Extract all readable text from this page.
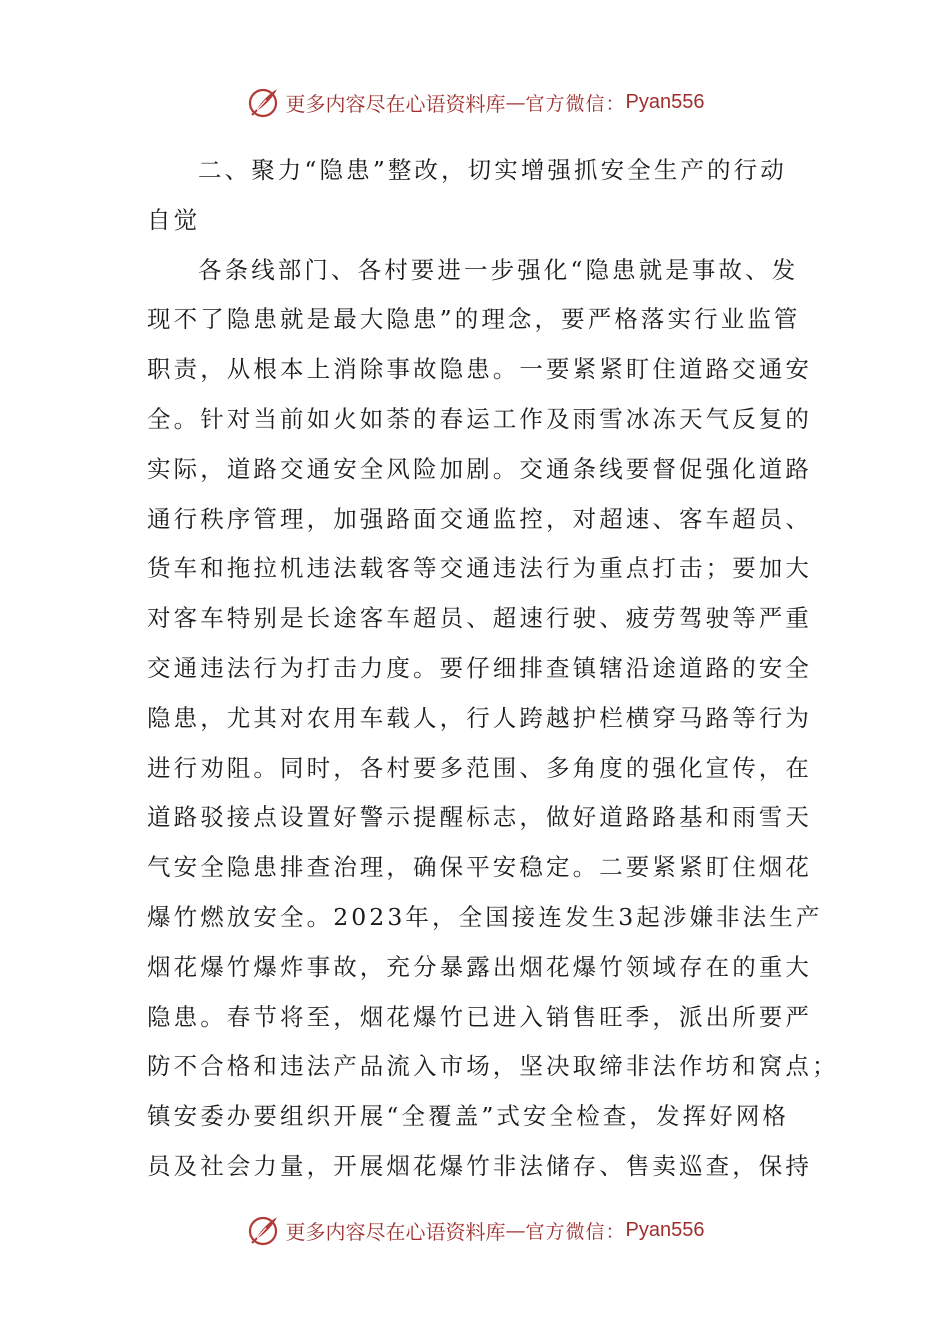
更多内容尽在心语资料库 — 官方微信： Pyan556

二、聚力“隐患”整改，切实增强抓安全生产的行动
自觉

各条线部门、各村要进一步强化“隐患就是事故、发
现不了隐患就是最大隐患”的理念，要严格落实行业监管
职责，从根本上消除事故隐患。一要紧紧盯住道路交通安
全。针对当前如火如荼的春运工作及雨雪冰冻天气反复的
实际，道路交通安全风险加剧。交通条线要督促强化道路
通行秩序管理，加强路面交通监控，对超速、客车超员、
货车和拖拉机违法载客等交通违法行为重点打击；要加大
对客车特别是长途客车超员、超速行驶、疲劳驾驶等严重
交通违法行为打击力度。要仔细排查镇辖沿途道路的安全
隐患，尤其对农用车载人，行人跨越护栏横穿马路等行为
进行劝阻。同时，各村要多范围、多角度的强化宣传，在
道路驳接点设置好警示提醒标志，做好道路路基和雨雪天
气安全隐患排查治理，确保平安稳定。二要紧紧盯住烟花
爆竹燃放安全。2023年，全国接连发生3起涉嫌非法生产
烟花爆竹爆炸事故，充分暴露出烟花爆竹领域存在的重大
隐患。春节将至，烟花爆竹已进入销售旺季，派出所要严
防不合格和违法产品流入市场，坚决取缔非法作坊和窝点；
镇安委办要组织开展“全覆盖”式安全检查，发挥好网格
员及社会力量，开展烟花爆竹非法储存、售卖巡查，保持

更多内容尽在心语资料库 — 官方微信： Pyan556
